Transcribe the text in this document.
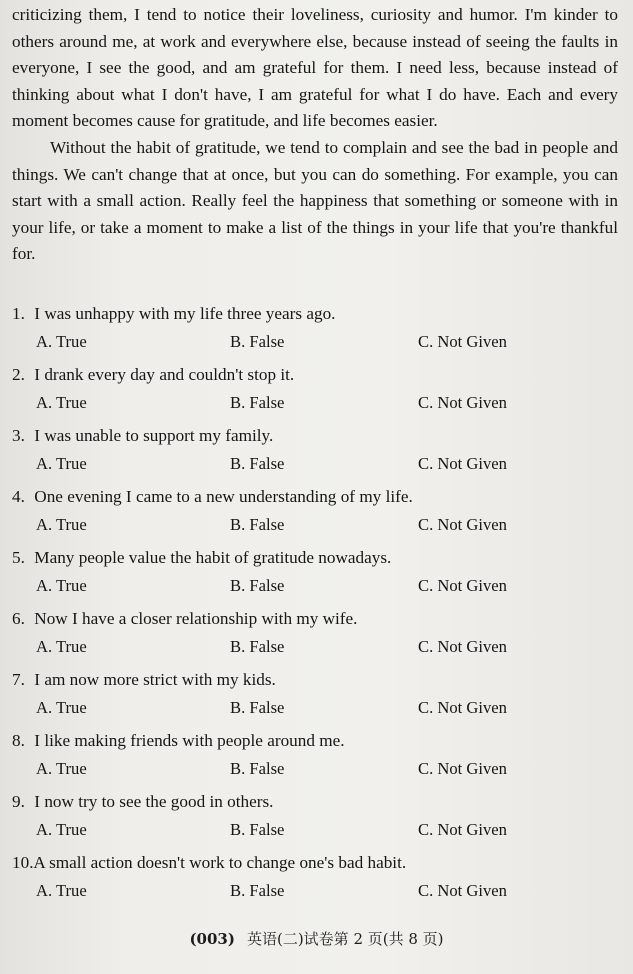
criticizing them, I tend to notice their loveliness, curiosity and humor. I'm kinder to others around me, at work and everywhere else, because instead of seeing the faults in everyone, I see the good, and am grateful for them. I need less, because instead of thinking about what I don't have, I am grateful for what I do have. Each and every moment becomes cause for gratitude, and life becomes easier.

Without the habit of gratitude, we tend to complain and see the bad in people and things. We can't change that at once, but you can do something. For example, you can start with a small action. Really feel the happiness that something or someone with in your life, or take a moment to make a list of the things in your life that you're thankful for.

1. I was unhappy with my life three years ago.
A. True	B. False	C. Not Given
2. I drank every day and couldn't stop it.
A. True	B. False	C. Not Given
3. I was unable to support my family.
A. True	B. False	C. Not Given
4. One evening I came to a new understanding of my life.
A. True	B. False	C. Not Given
5. Many people value the habit of gratitude nowadays.
A. True	B. False	C. Not Given
6. Now I have a closer relationship with my wife.
A. True	B. False	C. Not Given
7. I am now more strict with my kids.
A. True	B. False	C. Not Given
8. I like making friends with people around me.
A. True	B. False	C. Not Given
9. I now try to see the good in others.
A. True	B. False	C. Not Given
10. A small action doesn't work to change one's bad habit.
A. True	B. False	C. Not Given
(003) 英语(二)试卷第 2 页(共 8 页)
